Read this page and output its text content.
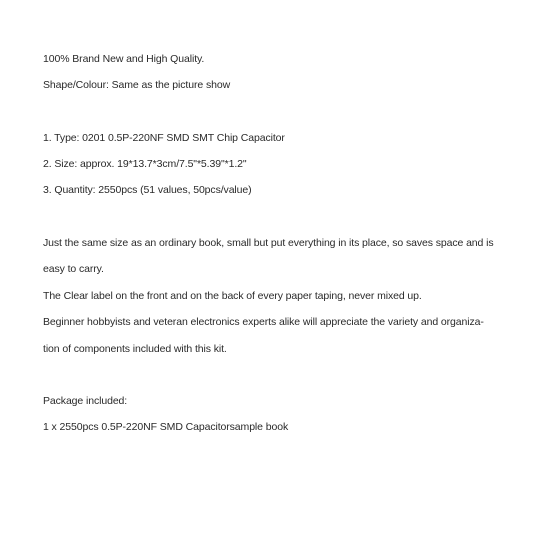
100% Brand New and High Quality.
Shape/Colour: Same as the picture show
1. Type: 0201 0.5P-220NF SMD SMT Chip Capacitor
2. Size: approx. 19*13.7*3cm/7.5"*5.39"*1.2"
3. Quantity: 2550pcs (51 values, 50pcs/value)
Just the same size as an ordinary book, small but put everything in its place, so saves space and is
easy to carry.
The Clear label on the front and on the back of every paper taping, never mixed up.
Beginner hobbyists and veteran electronics experts alike will appreciate the variety and organiza-
tion of components included with this kit.
Package included:
1 x 2550pcs 0.5P-220NF SMD Capacitorsample book
